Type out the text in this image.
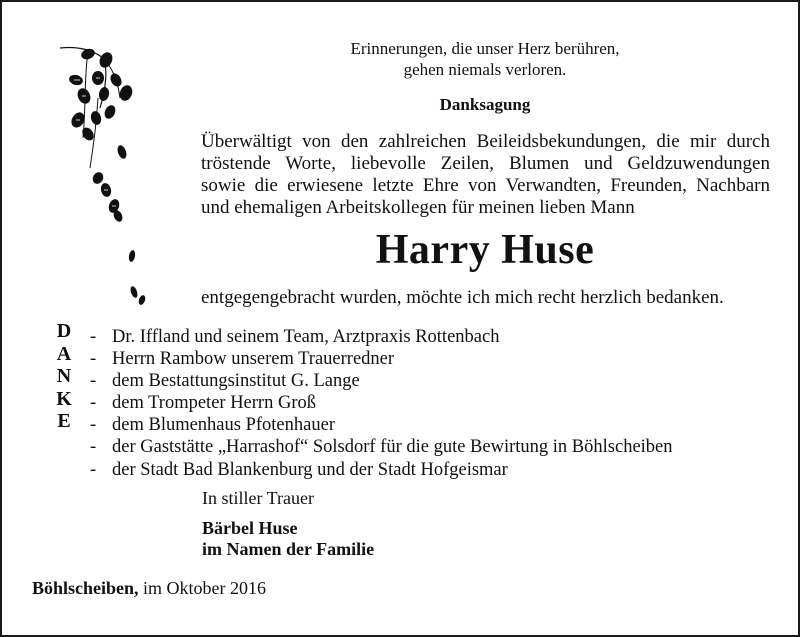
Erinnerungen, die unser Herz berühren,
gehen niemals verloren.
Danksagung
Überwältigt von den zahlreichen Beileidsbekundungen, die mir durch
tröstende Worte, liebevolle Zeilen, Blumen und Geldzuwendungen
sowie die erwiesene letzte Ehre von Verwandten, Freunden, Nachbarn
und ehemaligen Arbeitskollegen für meinen lieben Mann
Harry Huse
entgegengebracht wurden, möchte ich mich recht herzlich bedanken.
D
A
N
K
E
- Dr. Iffland und seinem Team, Arztpraxis Rottenbach
- Herrn Rambow unserem Trauerredner
- dem Bestattungsinstitut G. Lange
- dem Trompeter Herrn Groß
- dem Blumenhaus Pfotenhauer
- der Gaststätte „Harrashof“ Solsdorf für die gute Bewirtung in Böhlscheiben
- der Stadt Bad Blankenburg und der Stadt Hofgeismar
In stiller Trauer
Bärbel Huse
im Namen der Familie
Böhlscheiben, im Oktober 2016
